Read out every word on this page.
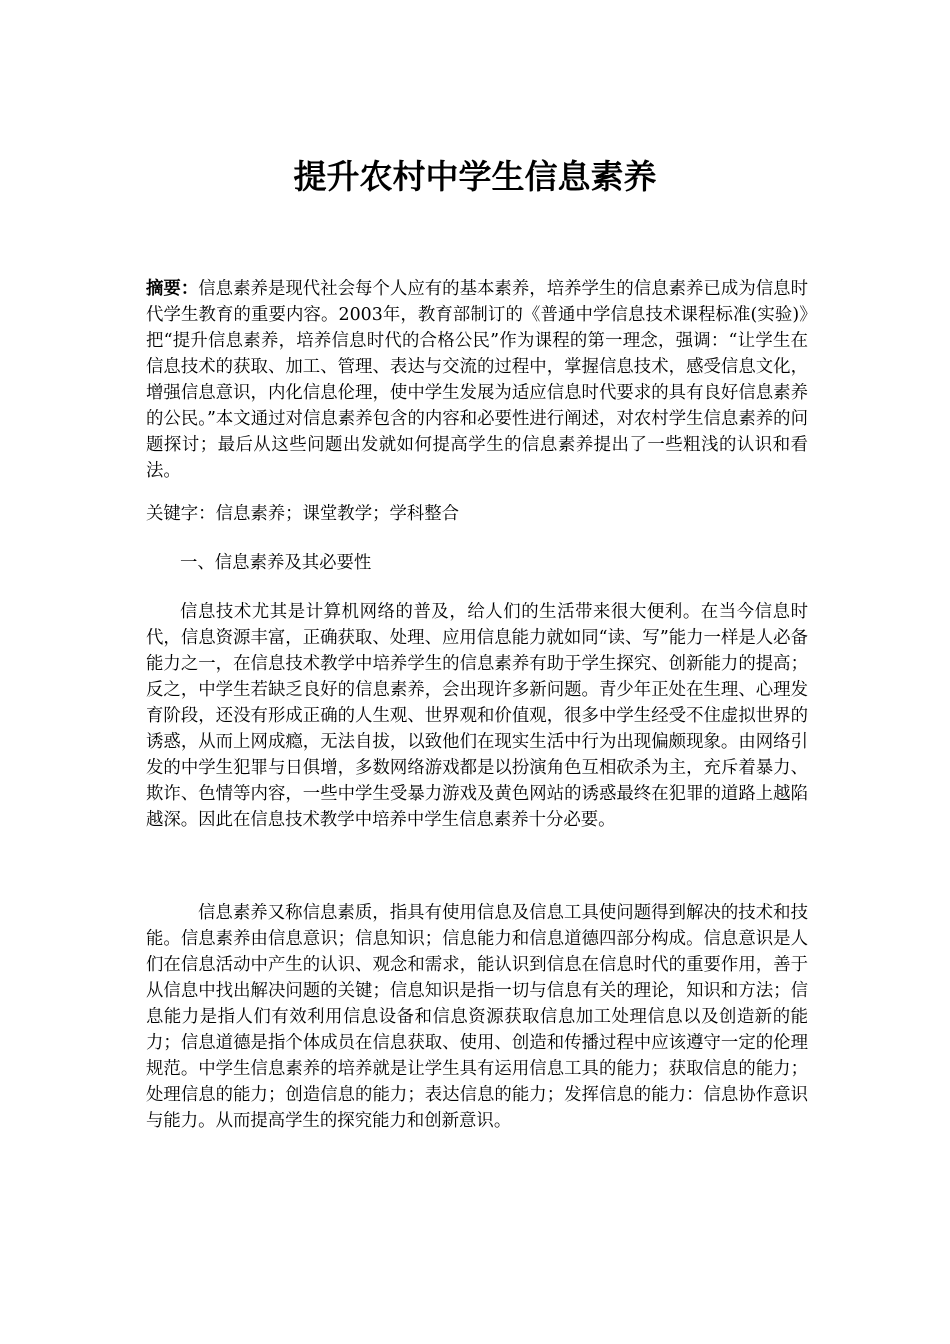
提升农村中学生信息素养

摘要：信息素养是现代社会每个人应有的基本素养，培养学生的信息素养已成为信息时代学生教育的重要内容。2003年，教育部制订的《普通中学信息技术课程标准(实验)》把“提升信息素养，培养信息时代的合格公民”作为课程的第一理念，强调：“让学生在信息技术的获取、加工、管理、表达与交流的过程中，掌握信息技术，感受信息文化，增强信息意识，内化信息伦理，使中学生发展为适应信息时代要求的具有良好信息素养的公民。”本文通过对信息素养包含的内容和必要性进行阐述，对农村学生信息素养的问题探讨；最后从这些问题出发就如何提高学生的信息素养提出了一些粗浅的认识和看法。

关键字：信息素养；课堂教学；学科整合

一、信息素养及其必要性

信息技术尤其是计算机网络的普及，给人们的生活带来很大便利。在当今信息时代，信息资源丰富，正确获取、处理、应用信息能力就如同“读、写”能力一样是人必备能力之一，在信息技术教学中培养学生的信息素养有助于学生探究、创新能力的提高；反之，中学生若缺乏良好的信息素养，会出现许多新问题。青少年正处在生理、心理发育阶段，还没有形成正确的人生观、世界观和价值观，很多中学生经受不住虚拟世界的诱惑，从而上网成瘾，无法自拔，以致他们在现实生活中行为出现偏颇现象。由网络引发的中学生犯罪与日俱增，多数网络游戏都是以扮演角色互相砍杀为主，充斥着暴力、欺诈、色情等内容，一些中学生受暴力游戏及黄色网站的诱惑最终在犯罪的道路上越陷越深。因此在信息技术教学中培养中学生信息素养十分必要。

信息素养又称信息素质，指具有使用信息及信息工具使问题得到解决的技术和技能。信息素养由信息意识；信息知识；信息能力和信息道德四部分构成。信息意识是人们在信息活动中产生的认识、观念和需求，能认识到信息在信息时代的重要作用，善于从信息中找出解决问题的关键；信息知识是指一切与信息有关的理论，知识和方法；信息能力是指人们有效利用信息设备和信息资源获取信息加工处理信息以及创造新的能力；信息道德是指个体成员在信息获取、使用、创造和传播过程中应该遵守一定的伦理规范。中学生信息素养的培养就是让学生具有运用信息工具的能力；获取信息的能力；处理信息的能力；创造信息的能力；表达信息的能力；发挥信息的能力：信息协作意识与能力。从而提高学生的探究能力和创新意识。
